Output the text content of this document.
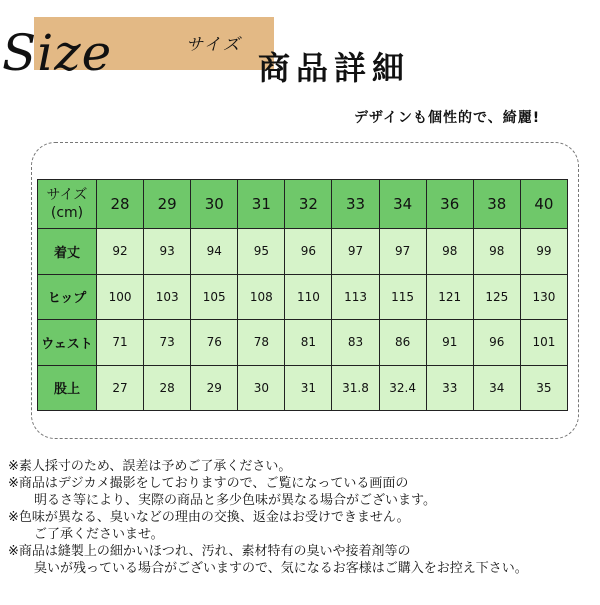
Size	サイズ
商品詳細
デザインも個性的で、綺麗!
サイズ
(cm)	28	29	30	31	32	33	34	36	38	40
着丈	92	93	94	95	96	97	97	98	98	99
ヒップ	100	103	105	108	110	113	115	121	125	130
ウェスト	71	73	76	78	81	83	86	91	96	101
股上	27	28	29	30	31	31.8	32.4	33	34	35
※素人採寸のため、誤差は予めご了承ください。
※商品はデジカメ撮影をしておりますので、ご覧になっている画面の
明るさ等により、実際の商品と多少色味が異なる場合がございます。
※色味が異なる、臭いなどの理由の交換、返金はお受けできません。
ご了承くださいませ。
※商品は縫製上の細かいほつれ、汚れ、素材特有の臭いや接着剤等の
臭いが残っている場合がございますので、気になるお客様はご購入をお控え下さい。
